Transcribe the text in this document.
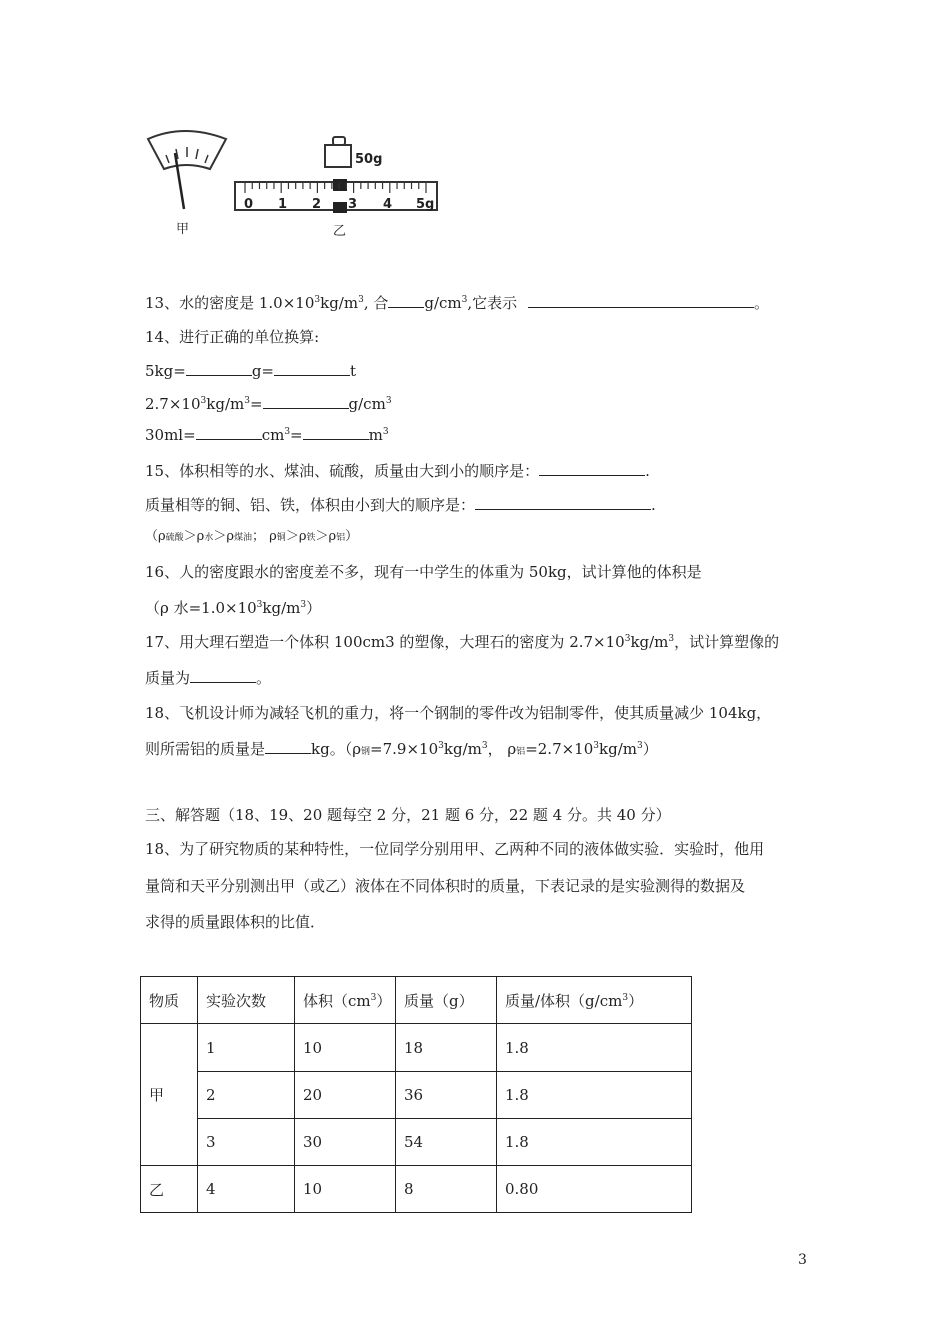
甲
50g
0 1 2 3 4 5g
乙
13、水的密度是 $1.0\times 10^3kg/m^3$, 合 $g/cm^3$,它表示	。
14、进行正确的单位换算:
5kg=	g=	t
$2.7\times 10^3kg/m^3=$	$g/cm^3$
30ml=	$cm^3=$	$m^3$
15、体积相等的水、煤油、硫酸，质量由大到小的顺序是：	.
质量相等的铜、铝、铁，体积由小到大的顺序是：	.
（ρ硫酸＞ρ水＞ρ煤油； ρ铜＞ρ铁＞ρ铝）
16、人的密度跟水的密度差不多，现有一中学生的体重为 50kg，试计算他的体积是
（ρ 水$=1.0\times 10^3kg/m^3$）
17、用大理石塑造一个体积 100cm3 的塑像，大理石的密度为 $2.7\times 10^3kg/m^3$，试计算塑像的
质量为	。
18、飞机设计师为减轻飞机的重力，将一个钢制的零件改为铝制零件，使其质量减少 104kg，
则所需铝的质量是	kg。（ρ钢$=7.9\times 10^3kg/m^3$， ρ铝$=2.7\times 10^3kg/m^3$）
三、解答题（18、19、20 题每空 2 分，21 题 6 分，22 题 4 分。共 40 分）
18、为了研究物质的某种特性，一位同学分别用甲、乙两种不同的液体做实验．实验时，他用
量筒和天平分别测出甲（或乙）液体在不同体积时的质量，下表记录的是实验测得的数据及
求得的质量跟体积的比值．
物质	实验次数	体积$(cm^3)$	质量（g）	质量/体积$(g/cm^3)$
甲	1	10	18	1.8
	2	20	36	1.8
	3	30	54	1.8
乙	4	10	8	0.80
3
